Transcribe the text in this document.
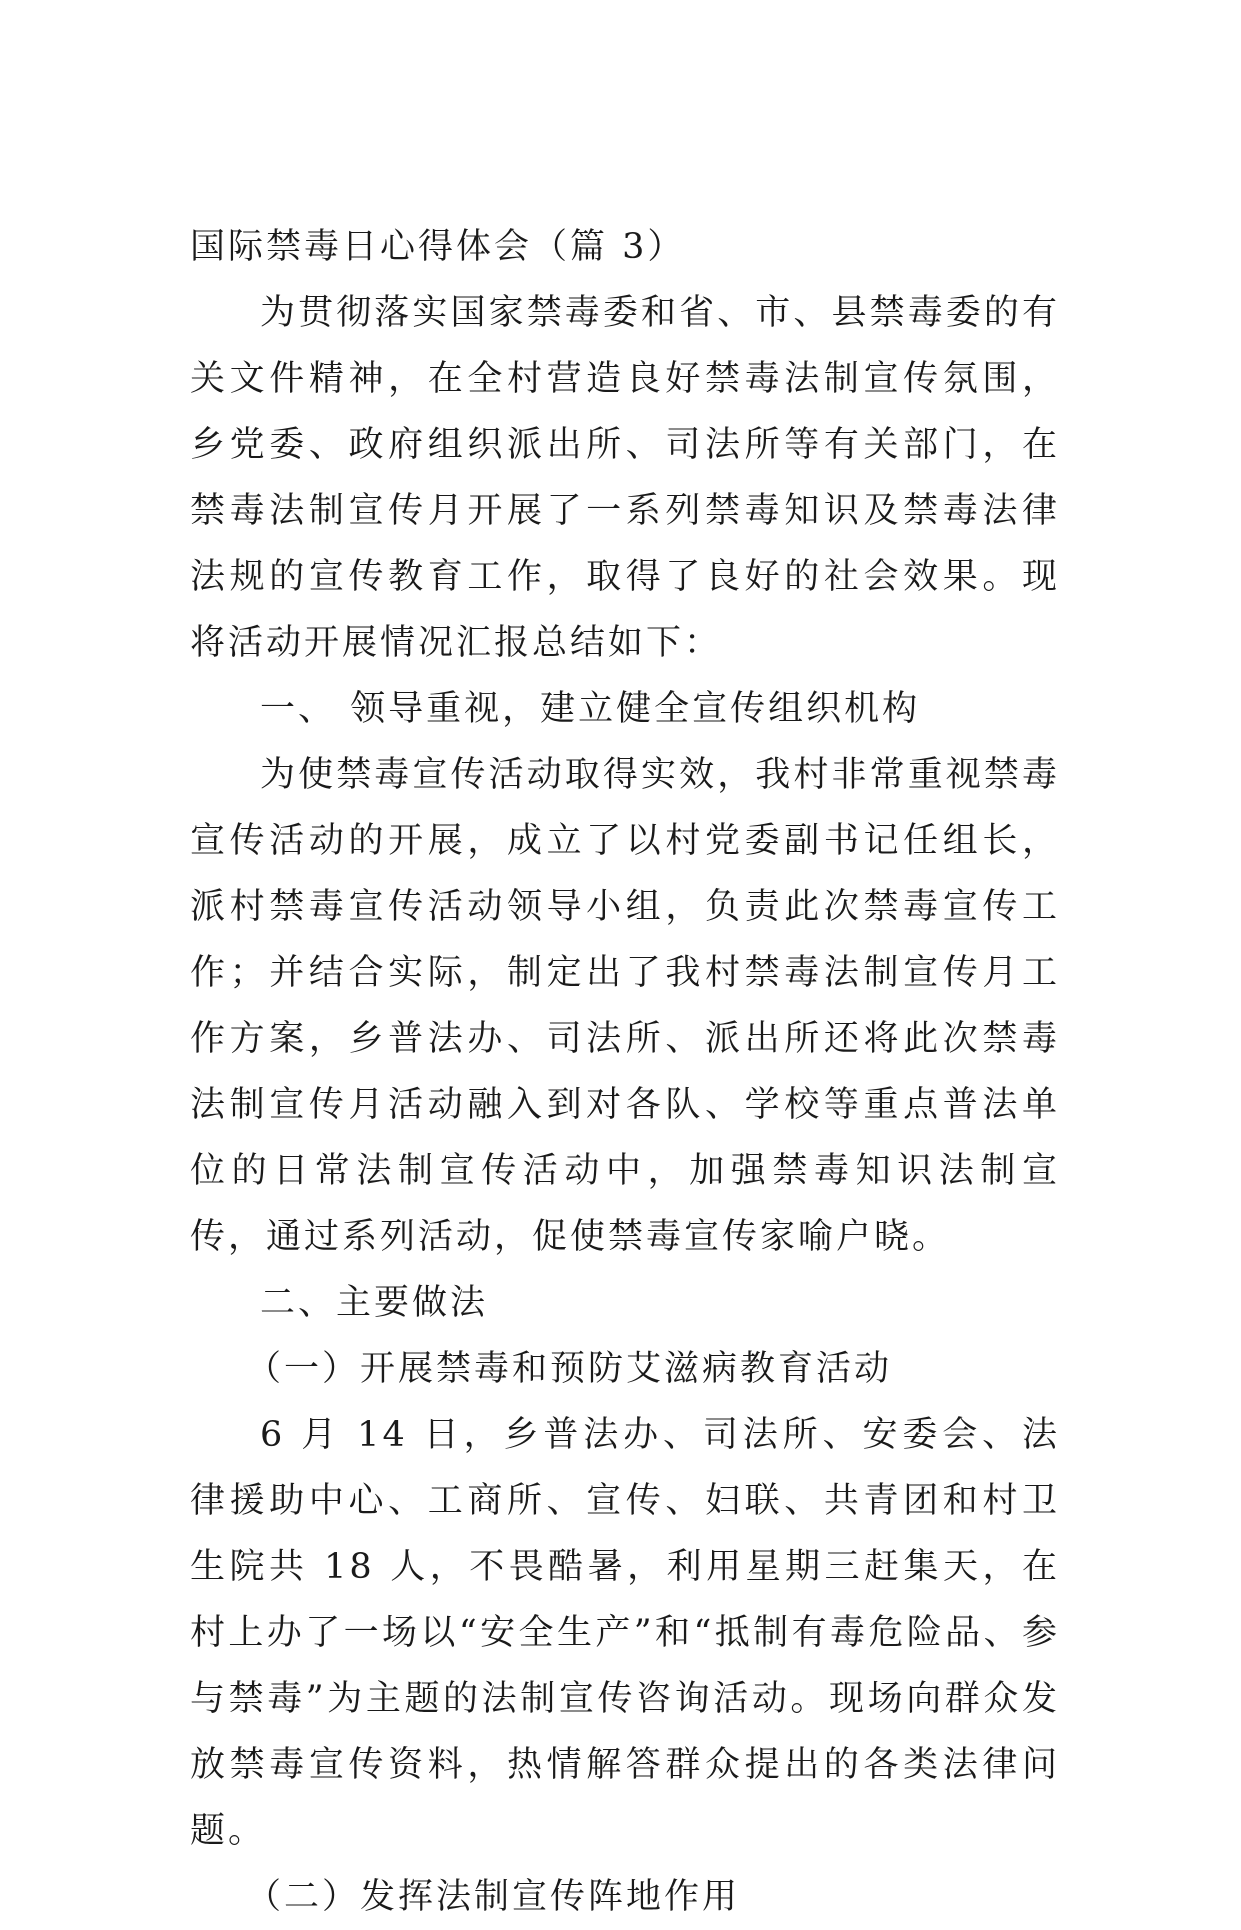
国际禁毒日心得体会（篇 3）

为贯彻落实国家禁毒委和省、市、县禁毒委的有关文件精神，在全村营造良好禁毒法制宣传氛围，乡党委、政府组织派出所、司法所等有关部门，在禁毒法制宣传月开展了一系列禁毒知识及禁毒法律法规的宣传教育工作，取得了良好的社会效果。现将活动开展情况汇报总结如下：

一、 领导重视，建立健全宣传组织机构

为使禁毒宣传活动取得实效，我村非常重视禁毒宣传活动的开展，成立了以村党委副书记任组长，派村禁毒宣传活动领导小组，负责此次禁毒宣传工作；并结合实际，制定出了我村禁毒法制宣传月工作方案，乡普法办、司法所、派出所还将此次禁毒法制宣传月活动融入到对各队、学校等重点普法单位的日常法制宣传活动中，加强禁毒知识法制宣传，通过系列活动，促使禁毒宣传家喻户晓。

二、主要做法

（一）开展禁毒和预防艾滋病教育活动

6 月 14 日，乡普法办、司法所、安委会、法律援助中心、工商所、宣传、妇联、共青团和村卫生院共 18 人，不畏酷暑，利用星期三赶集天，在村上办了一场以“安全生产”和“抵制有毒危险品、参与禁毒”为主题的法制宣传咨询活动。现场向群众发放禁毒宣传资料，热情解答群众提出的各类法律问题。

（二）发挥法制宣传阵地作用
